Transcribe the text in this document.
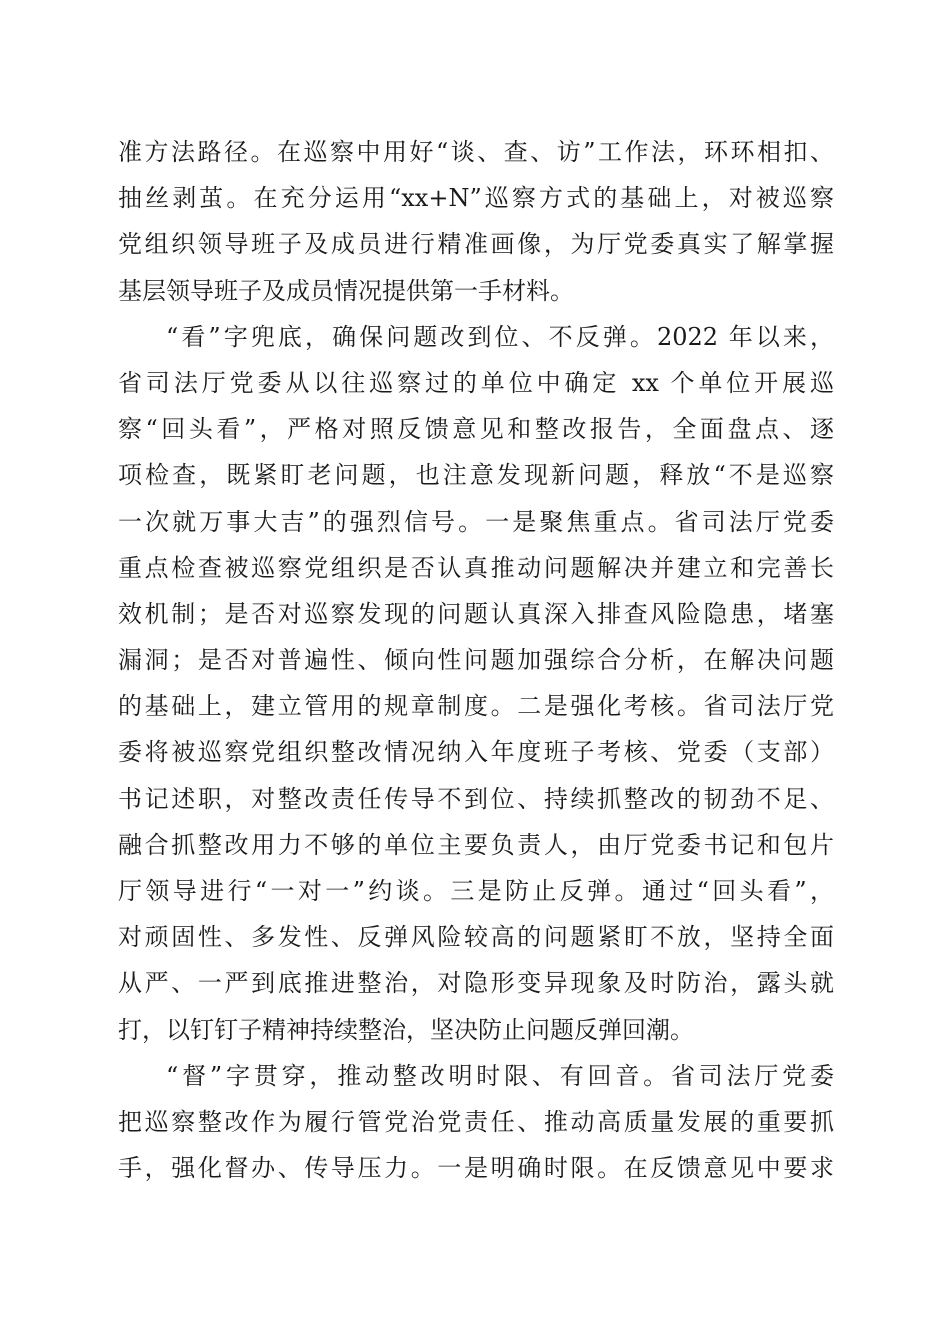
准方法路径。在巡察中用好“谈、查、访”工作法，环环相扣、
抽丝剥茧。在充分运用“xx+N”巡察方式的基础上，对被巡察
党组织领导班子及成员进行精准画像，为厅党委真实了解掌握
基层领导班子及成员情况提供第一手材料。
“看”字兜底，确保问题改到位、不反弹。2022 年以来，
省司法厅党委从以往巡察过的单位中确定 xx 个单位开展巡
察“回头看”，严格对照反馈意见和整改报告，全面盘点、逐
项检查，既紧盯老问题，也注意发现新问题，释放“不是巡察
一次就万事大吉”的强烈信号。一是聚焦重点。省司法厅党委
重点检查被巡察党组织是否认真推动问题解决并建立和完善长
效机制；是否对巡察发现的问题认真深入排查风险隐患，堵塞
漏洞；是否对普遍性、倾向性问题加强综合分析，在解决问题
的基础上，建立管用的规章制度。二是强化考核。省司法厅党
委将被巡察党组织整改情况纳入年度班子考核、党委（支部）
书记述职，对整改责任传导不到位、持续抓整改的韧劲不足、
融合抓整改用力不够的单位主要负责人，由厅党委书记和包片
厅领导进行“一对一”约谈。三是防止反弹。通过“回头看”，
对顽固性、多发性、反弹风险较高的问题紧盯不放，坚持全面
从严、一严到底推进整治，对隐形变异现象及时防治，露头就
打，以钉钉子精神持续整治，坚决防止问题反弹回潮。
“督”字贯穿，推动整改明时限、有回音。省司法厅党委
把巡察整改作为履行管党治党责任、推动高质量发展的重要抓
手，强化督办、传导压力。一是明确时限。在反馈意见中要求
